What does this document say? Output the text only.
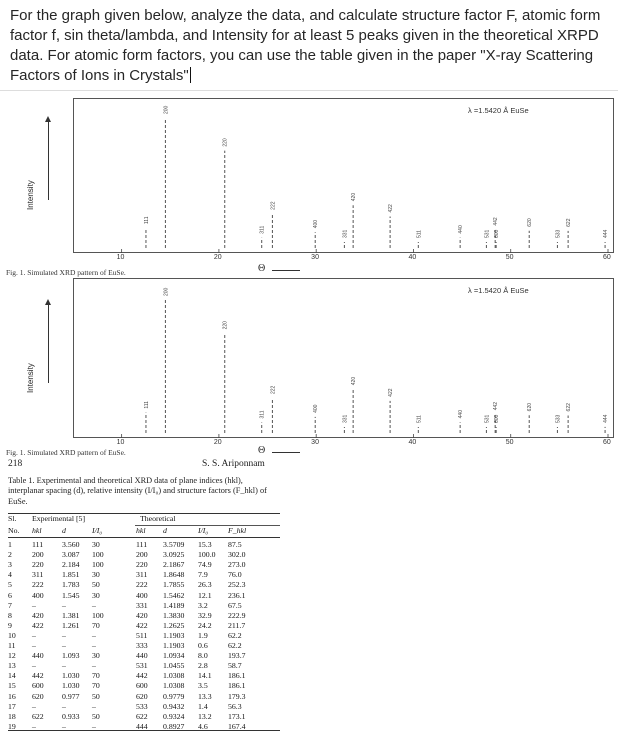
For the graph given below, analyze the data, and calculate structure factor F, atomic form factor f, sin theta/lambda, and Intensity for at least 5 peaks given in the theoretical XRPD data. For atomic form factors, you can use the table given in the paper "X-ray Scattering Factors of Ions in Crystals"
111
200
220
311
222
400
331
420
422
511
440
531
442
600
620
533
622
444
λ =1.5420 Å EuSe
10	20	30	40	50	60
Intensity
Θ
Fig. 1. Simulated XRD pattern of EuSe.
111
200
220
311
222
400
331
420
422
511
440
531
442
600
620
533
622
444
λ =1.5420 Å EuSe
10	20	30	40	50	60
Intensity
Θ
Fig. 1. Simulated XRD pattern of EuSe.
218	S. S. Ariponnam
Table 1. Experimental and theoretical XRD data of plane indices (hkl), interplanar spacing (d), relative intensity (I/I₀) and structure factors (F_hkl) of EuSe.
Sl. Experimental [5]	Theoretical
No. hkl	d	I/I₀	hkl d	I/I₀	F_hkl
1	111 3.560 30	111 3.5709 15.3 87.5
2	200 3.087 100	200 3.0925 100.0 302.0
3	220 2.184 100	220 2.1867 74.9 273.0
4	311 1.851 30	311 1.8648 7.9	76.0
5	222 1.783 50	222 1.7855 26.3 252.3
6	400 1.545 30	400 1.5462 12.1 236.1
7	–	–	–	331 1.4189 3.2	67.5
8	420 1.381 100	420 1.3830 32.9 222.9
9	422 1.261 70	422 1.2625 24.2 211.7
10 –	–	–	511 1.1903 1.9	62.2
11 –	–	–	333 1.1903 0.6	62.2
12 440 1.093 30	440 1.0934 8.0	193.7
13 –	–	–	531 1.0455 2.8	58.7
14 442 1.030 70	442 1.0308 14.1 186.1
15 600 1.030 70	600 1.0308 3.5	186.1
16 620 0.977 50	620 0.9779 13.3 179.3
17 –	–	–	533 0.9432 1.4	56.3
18 622 0.933 50	622 0.9324 13.2 173.1
19 –	–	–	444 0.8927 4.6	167.4
